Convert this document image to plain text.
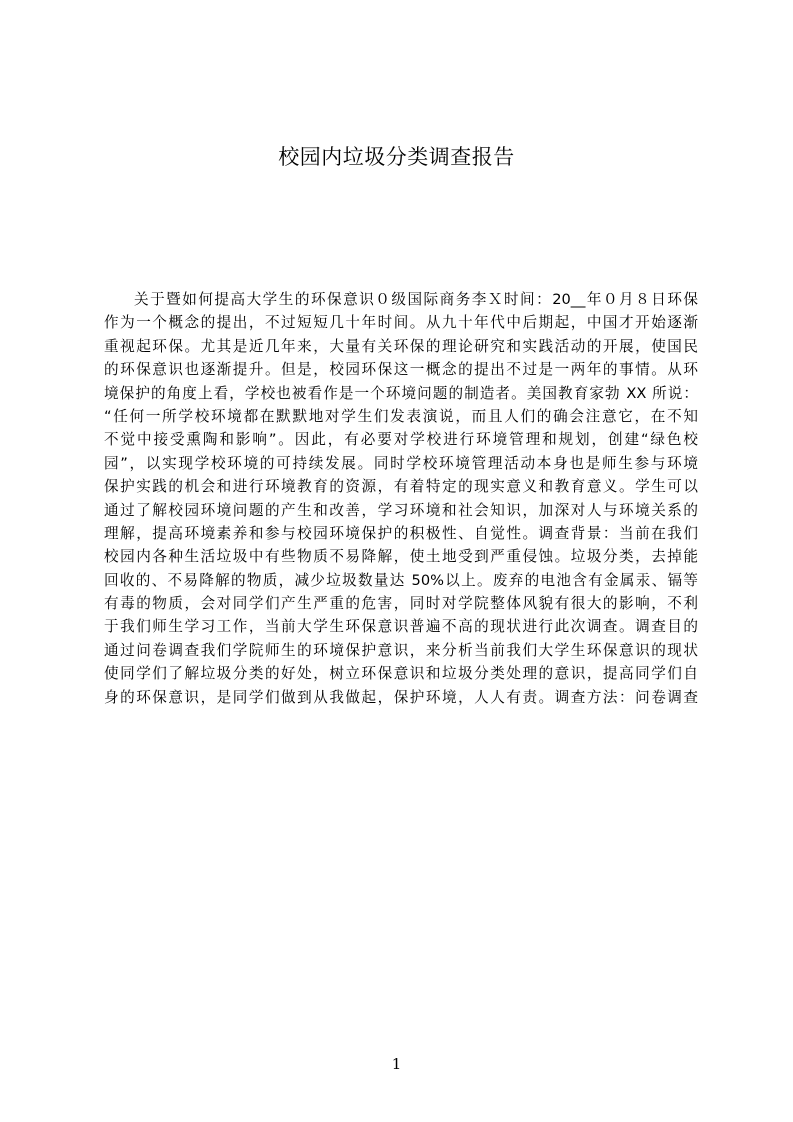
校园内垃圾分类调查报告
关于暨如何提高大学生的环保意识０级国际商务李Ｘ时间：20__年０月８日环保
作为一个概念的提出，不过短短几十年时间。从九十年代中后期起，中国才开始逐渐
重视起环保。尤其是近几年来，大量有关环保的理论研究和实践活动的开展，使国民
的环保意识也逐渐提升。但是，校园环保这一概念的提出不过是一两年的事情。从环
境保护的角度上看，学校也被看作是一个环境问题的制造者。美国教育家勃 XX 所说：
“任何一所学校环境都在默默地对学生们发表演说，而且人们的确会注意它，在不知
不觉中接受熏陶和影响”。因此，有必要对学校进行环境管理和规划，创建“绿色校
园”，以实现学校环境的可持续发展。同时学校环境管理活动本身也是师生参与环境
保护实践的机会和进行环境教育的资源，有着特定的现实意义和教育意义。学生可以
通过了解校园环境问题的产生和改善，学习环境和社会知识，加深对人与环境关系的
理解，提高环境素养和参与校园环境保护的积极性、自觉性。调查背景：当前在我们
校园内各种生活垃圾中有些物质不易降解，使土地受到严重侵蚀。垃圾分类，去掉能
回收的、不易降解的物质，减少垃圾数量达 50%以上。废弃的电池含有金属汞、镉等
有毒的物质，会对同学们产生严重的危害，同时对学院整体风貌有很大的影响，不利
于我们师生学习工作，当前大学生环保意识普遍不高的现状进行此次调查。调查目的
通过问卷调查我们学院师生的环境保护意识，来分析当前我们大学生环保意识的现状
使同学们了解垃圾分类的好处，树立环保意识和垃圾分类处理的意识，提高同学们自
身的环保意识，是同学们做到从我做起，保护环境，人人有责。调查方法：问卷调查
1
